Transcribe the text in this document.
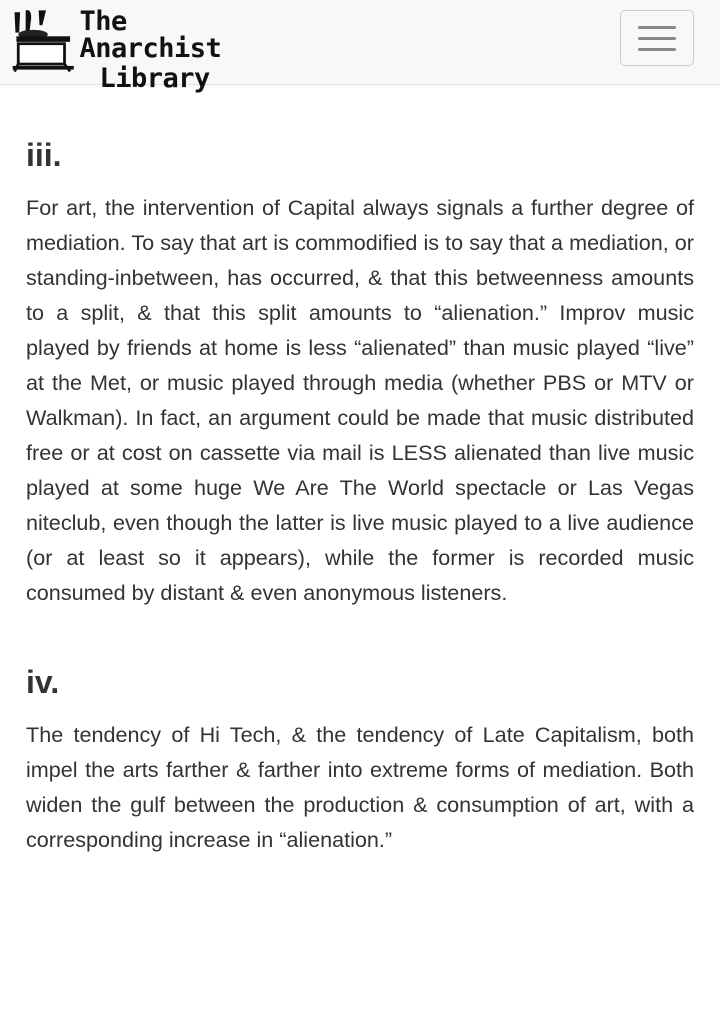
The Anarchist
Library
iii.

For art, the intervention of Capital always signals a further degree of mediation. To say that art is commodified is to say that a mediation, or standing-inbetween, has occurred, & that this betweenness amounts to a split, & that this split amounts to “alienation.” Improv music played by friends at home is less “alienated” than music played “live” at the Met, or music played through media (whether PBS or MTV or Walkman). In fact, an argument could be made that music distributed free or at cost on cassette via mail is LESS alienated than live music played at some huge We Are The World spectacle or Las Vegas niteclub, even though the latter is live music played to a live audience (or at least so it appears), while the former is recorded music consumed by distant & even anonymous listeners.

iv.

The tendency of Hi Tech, & the tendency of Late Capitalism, both impel the arts farther & farther into extreme forms of mediation. Both widen the gulf between the production & consumption of art, with a corresponding increase in “alienation.”
